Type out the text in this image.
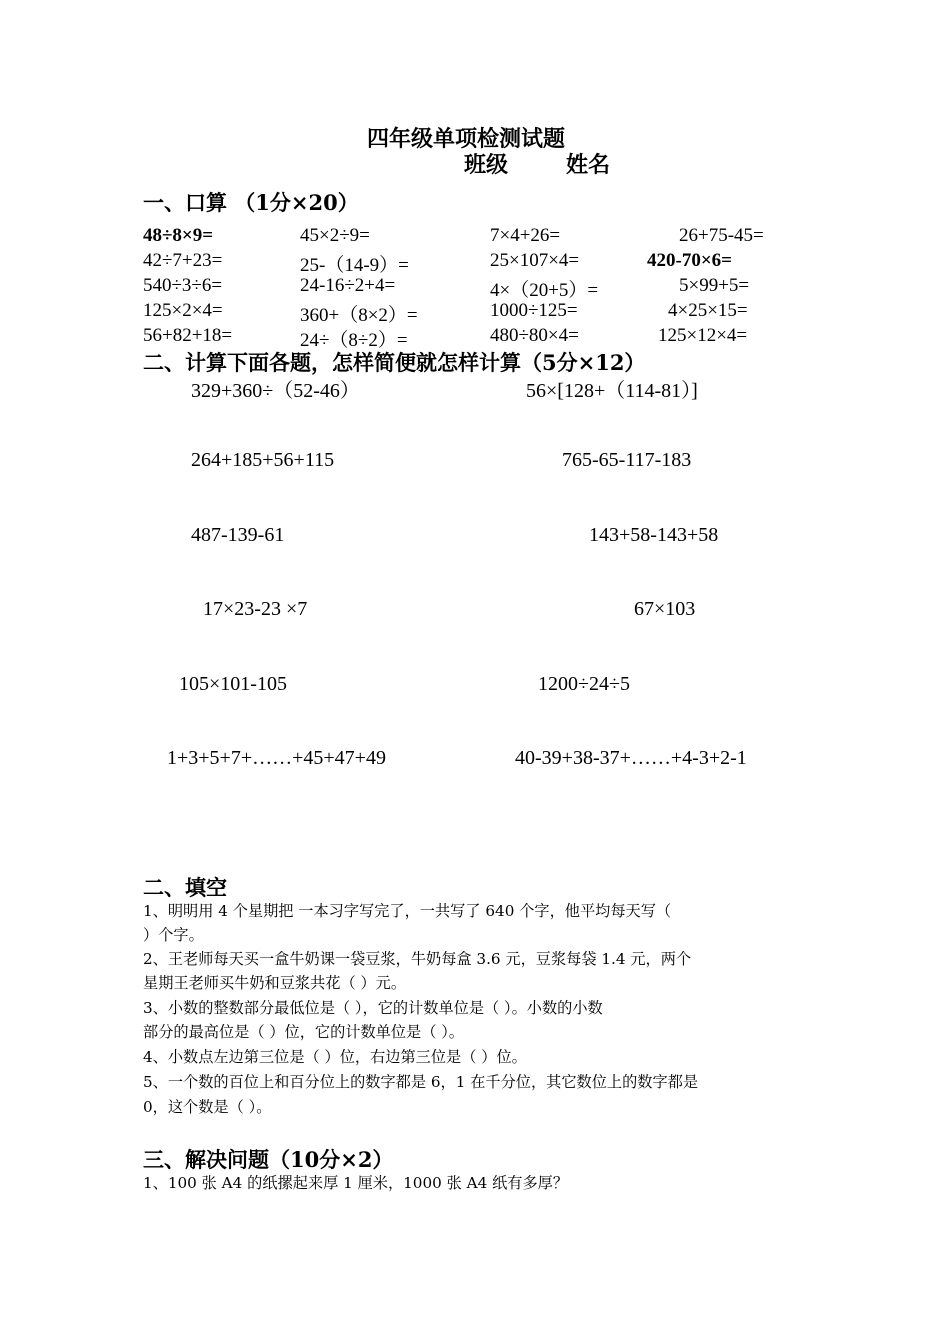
四年级单项检测试题
班级	姓名
一、口算 （1分×20）
48÷8×9=	45×2÷9=	7×4+26=	26+75-45=
42÷7+23=	25-（14-9）=	25×107×4=	420-70×6=
540÷3÷6=	24-16÷2+4=	4×（20+5）=	5×99+5=
125×2×4=	360+（8×2）=	1000÷125=	4×25×15=
56+82+18=	24÷（8÷2）=	480÷80×4=	125×12×4=
二、计算下面各题，怎样简便就怎样计算（5分×12）
329+360÷（52-46）	56×[128+（114-81）]
264+185+56+115	765-65-117-183
487-139-61	143+58-143+58
17×23-23 ×7	67×103
105×101-105	1200÷24÷5
1+3+5+7+……+45+47+49	40-39+38-37+……+4-3+2-1
二、填空
1、明明用 4 个星期把 一本习字写完了，一共写了 640 个字，他平均每天写（
）个字。
2、王老师每天买一盒牛奶课一袋豆浆，牛奶每盒 3.6 元，豆浆每袋 1.4 元，两个
星期王老师买牛奶和豆浆共花（ ）元。
3、小数的整数部分最低位是（ ），它的计数单位是（ ）。小数的小数
部分的最高位是（ ）位，它的计数单位是（ ）。
4、小数点左边第三位是（ ）位，右边第三位是（ ）位。
5、一个数的百位上和百分位上的数字都是 6，1 在千分位，其它数位上的数字都是
0，这个数是（ ）。
三、解决问题（10分×2）
1、100 张 A4 的纸摞起来厚 1 厘米，1000 张 A4 纸有多厚？
